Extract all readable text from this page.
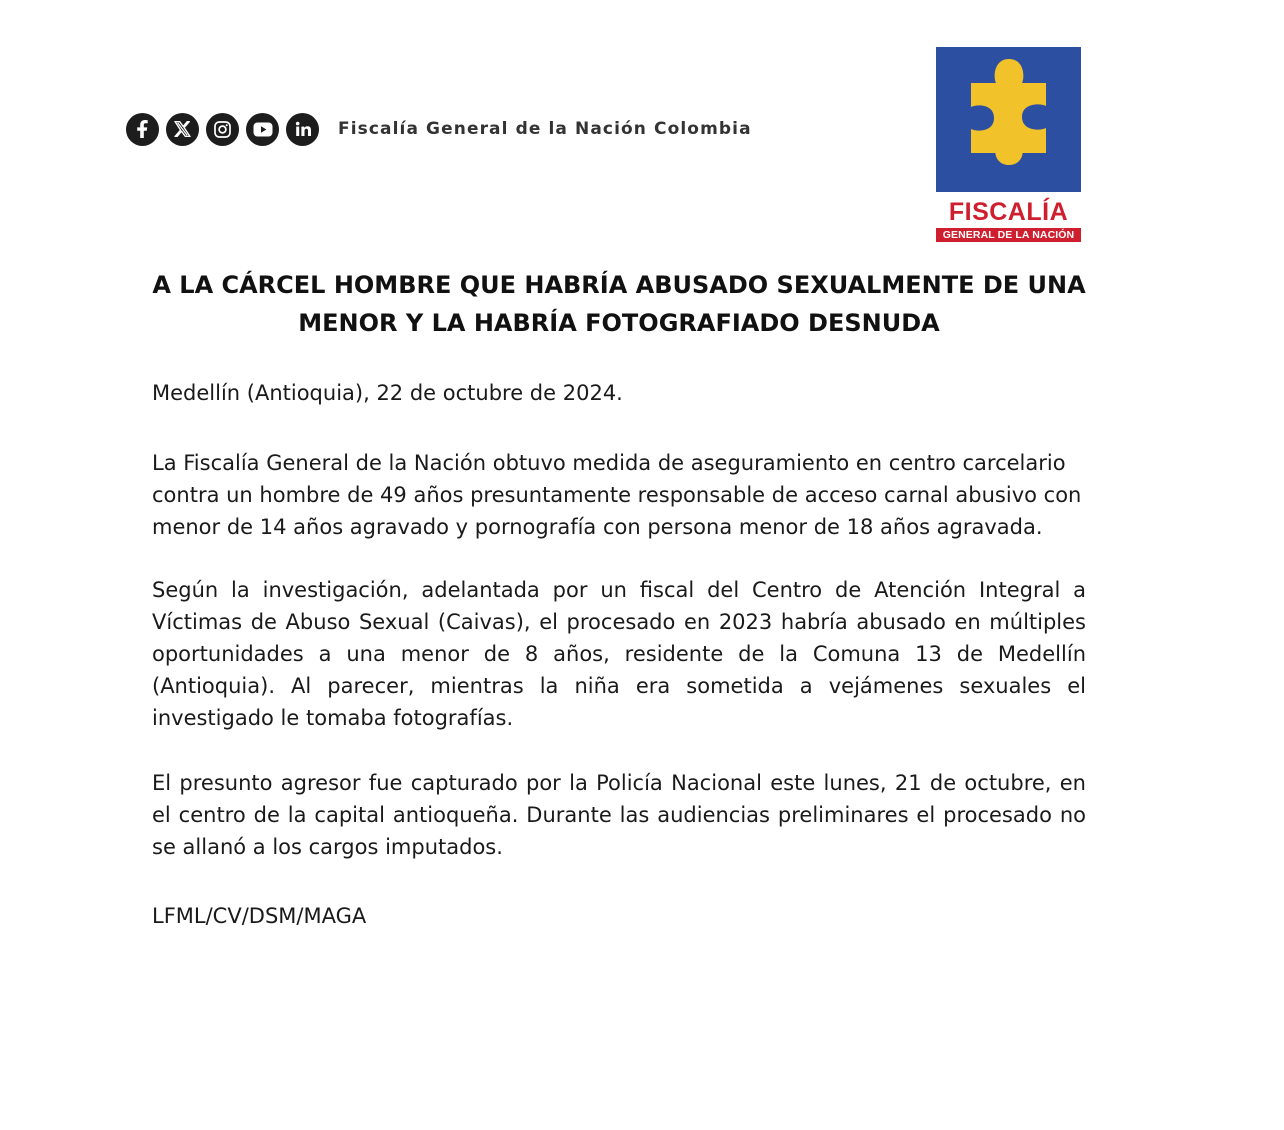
Fiscalía General de la Nación Colombia
FISCALÍA
GENERAL DE LA NACIÓN
A LA CÁRCEL HOMBRE QUE HABRÍA ABUSADO SEXUALMENTE DE UNA
MENOR Y LA HABRÍA FOTOGRAFIADO DESNUDA
Medellín (Antioquia), 22 de octubre de 2024.
La Fiscalía General de la Nación obtuvo medida de aseguramiento en centro carcelario contra un hombre de 49 años presuntamente responsable de acceso carnal abusivo con menor de 14 años agravado y pornografía con persona menor de 18 años agravada.
Según la investigación, adelantada por un fiscal del Centro de Atención Integral a Víctimas de Abuso Sexual (Caivas), el procesado en 2023 habría abusado en múltiples oportunidades a una menor de 8 años, residente de la Comuna 13 de Medellín (Antioquia). Al parecer, mientras la niña era sometida a vejámenes sexuales el investigado le tomaba fotografías.
El presunto agresor fue capturado por la Policía Nacional este lunes, 21 de octubre, en el centro de la capital antioqueña. Durante las audiencias preliminares el procesado no se allanó a los cargos imputados.
LFML/CV/DSM/MAGA
